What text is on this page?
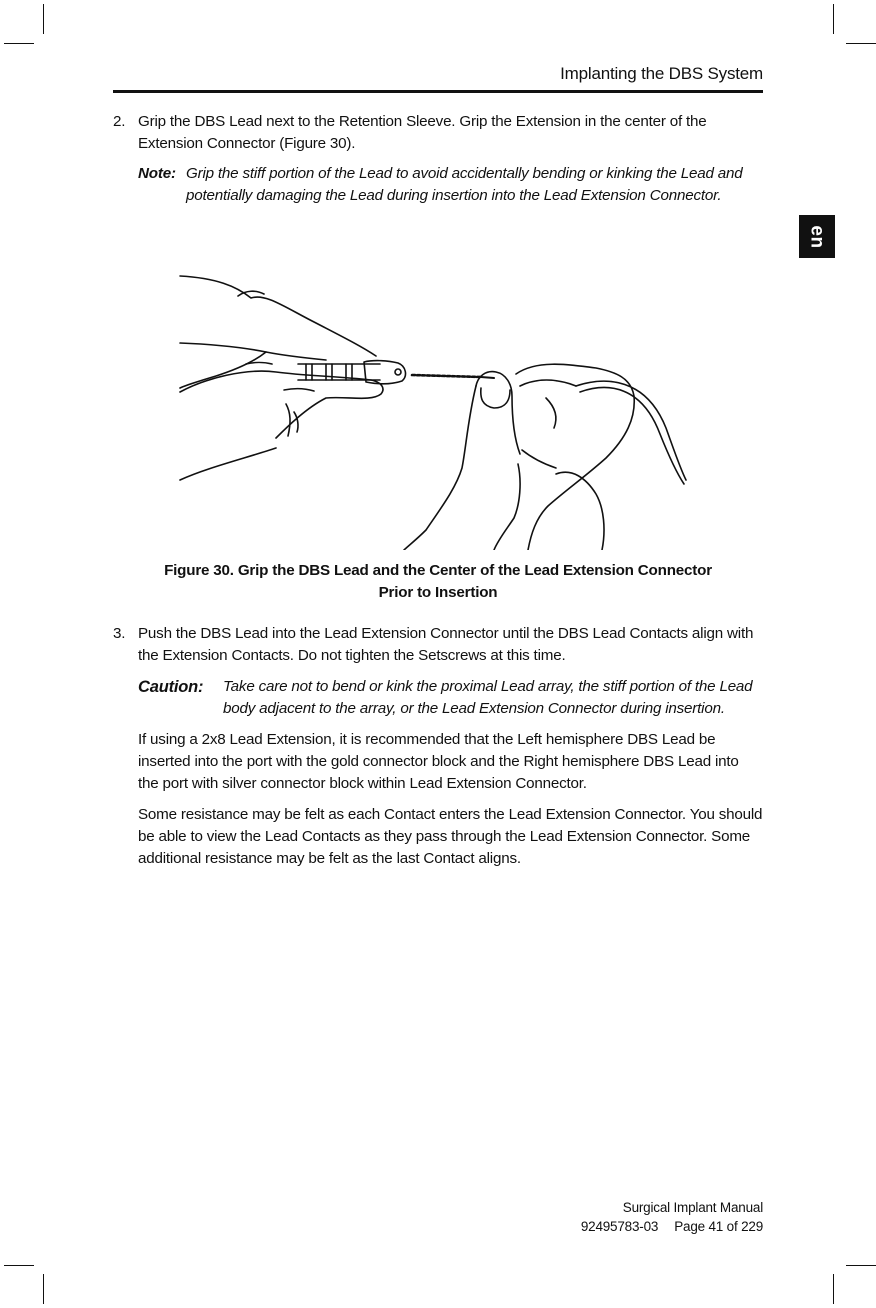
Implanting the DBS System
en
2. Grip the DBS Lead next to the Retention Sleeve. Grip the Extension in the center of the Extension Connector (Figure 30).
Note: Grip the stiff portion of the Lead to avoid accidentally bending or kinking the Lead and potentially damaging the Lead during insertion into the Lead Extension Connector.
Figure 30. Grip the DBS Lead and the Center of the Lead Extension Connector
Prior to Insertion
3. Push the DBS Lead into the Lead Extension Connector until the DBS Lead Contacts align with the Extension Contacts. Do not tighten the Setscrews at this time.
Caution: Take care not to bend or kink the proximal Lead array, the stiff portion of the Lead body adjacent to the array, or the Lead Extension Connector during insertion.
If using a 2x8 Lead Extension, it is recommended that the Left hemisphere DBS Lead be inserted into the port with the gold connector block and the Right hemisphere DBS Lead into the port with silver connector block within Lead Extension Connector.
Some resistance may be felt as each Contact enters the Lead Extension Connector. You should be able to view the Lead Contacts as they pass through the Lead Extension Connector. Some additional resistance may be felt as the last Contact aligns.
Surgical Implant Manual
92495783-03 Page 41 of 229
